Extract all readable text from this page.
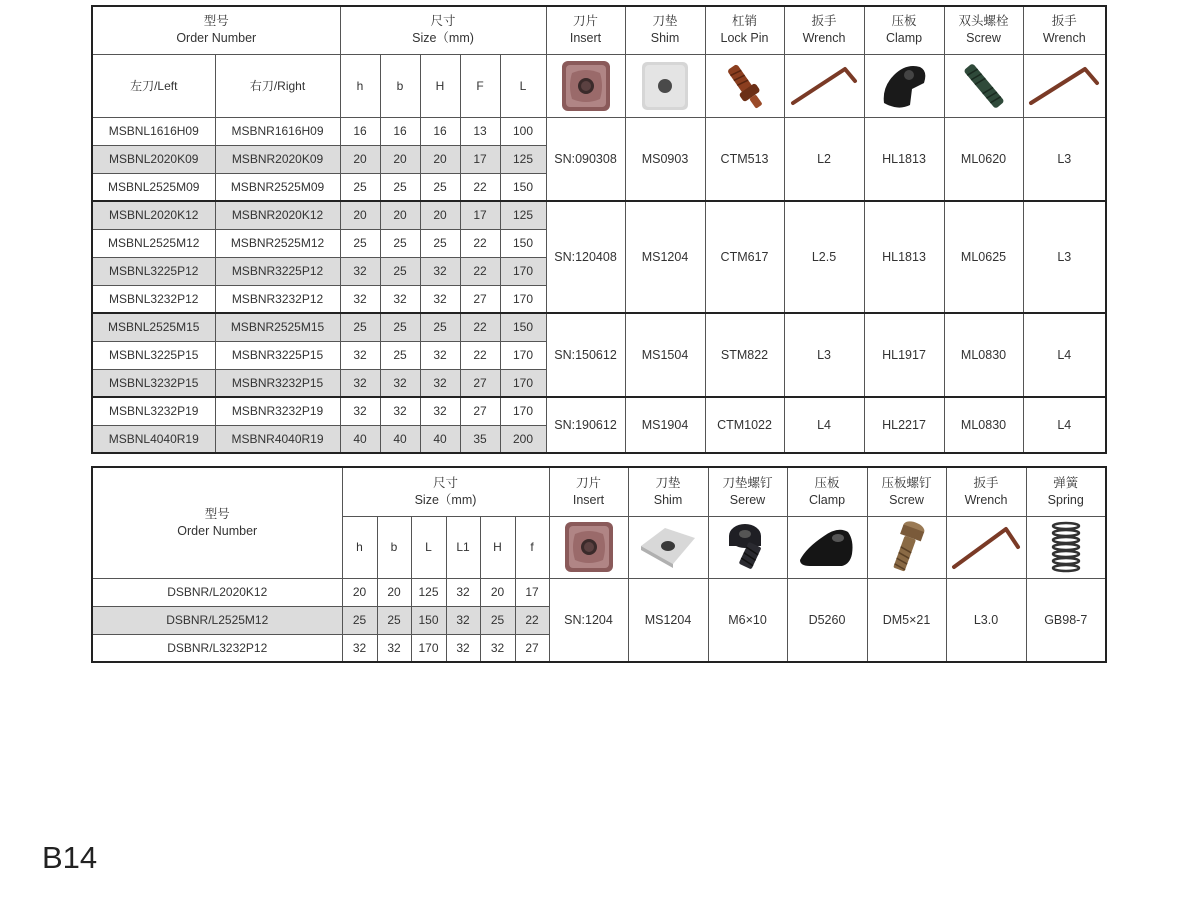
型号
Order Number		尺寸
Size（mm)					刀片
Insert	刀垫
Shim	杠销
Lock Pin	扳手
Wrench	压板
Clamp	双头螺栓
Screw	扳手
Wrench

左刀/Left	右刀/Right	h	b	H	F	L	

MSBNL1616H09	MSBNR1616H09	16	16	16	13	100	SN:090308	MS0903	CTM513	L2	HL1813	ML0620	L3
MSBNL2020K09	MSBNR2020K09	20	20	20	17	125							
MSBNL2525M09	MSBNR2525M09	25	25	25	22	150							
MSBNL2020K12	MSBNR2020K12	20	20	20	17	125	SN:120408	MS1204	CTM617	L2.5	HL1813	ML0625	L3
MSBNL2525M12	MSBNR2525M12	25	25	25	22	150							
MSBNL3225P12	MSBNR3225P12	32	25	32	22	170							
MSBNL3232P12	MSBNR3232P12	32	32	32	27	170							
MSBNL2525M15	MSBNR2525M15	25	25	25	22	150	SN:150612	MS1504	STM822	L3	HL1917	ML0830	L4
MSBNL3225P15	MSBNR3225P15	32	25	32	22	170							
MSBNL3232P15	MSBNR3232P15	32	32	32	27	170							
MSBNL3232P19	MSBNR3232P19	32	32	32	27	170	SN:190612	MS1904	CTM1022	L4	HL2217	ML0830	L4
MSBNL4040R19	MSBNR4040R19	40	40	40	35	200							
型号
Order Number	尺寸
Size（mm)						刀片
Insert	刀垫
Shim	刀垫螺钉
Serew	压板
Clamp	压板螺钉
Screw	扳手
Wrench	弹簧
Spring

	h	b	L	L1	H	f	

DSBNR/L2020K12	20	20	125	32	20	17	SN:1204	MS1204	M6×10	D5260	DM5×21	L3.0	GB98-7
DSBNR/L2525M12	25	25	150	32	25	22							
DSBNR/L3232P12	32	32	170	32	32	27							
B14
